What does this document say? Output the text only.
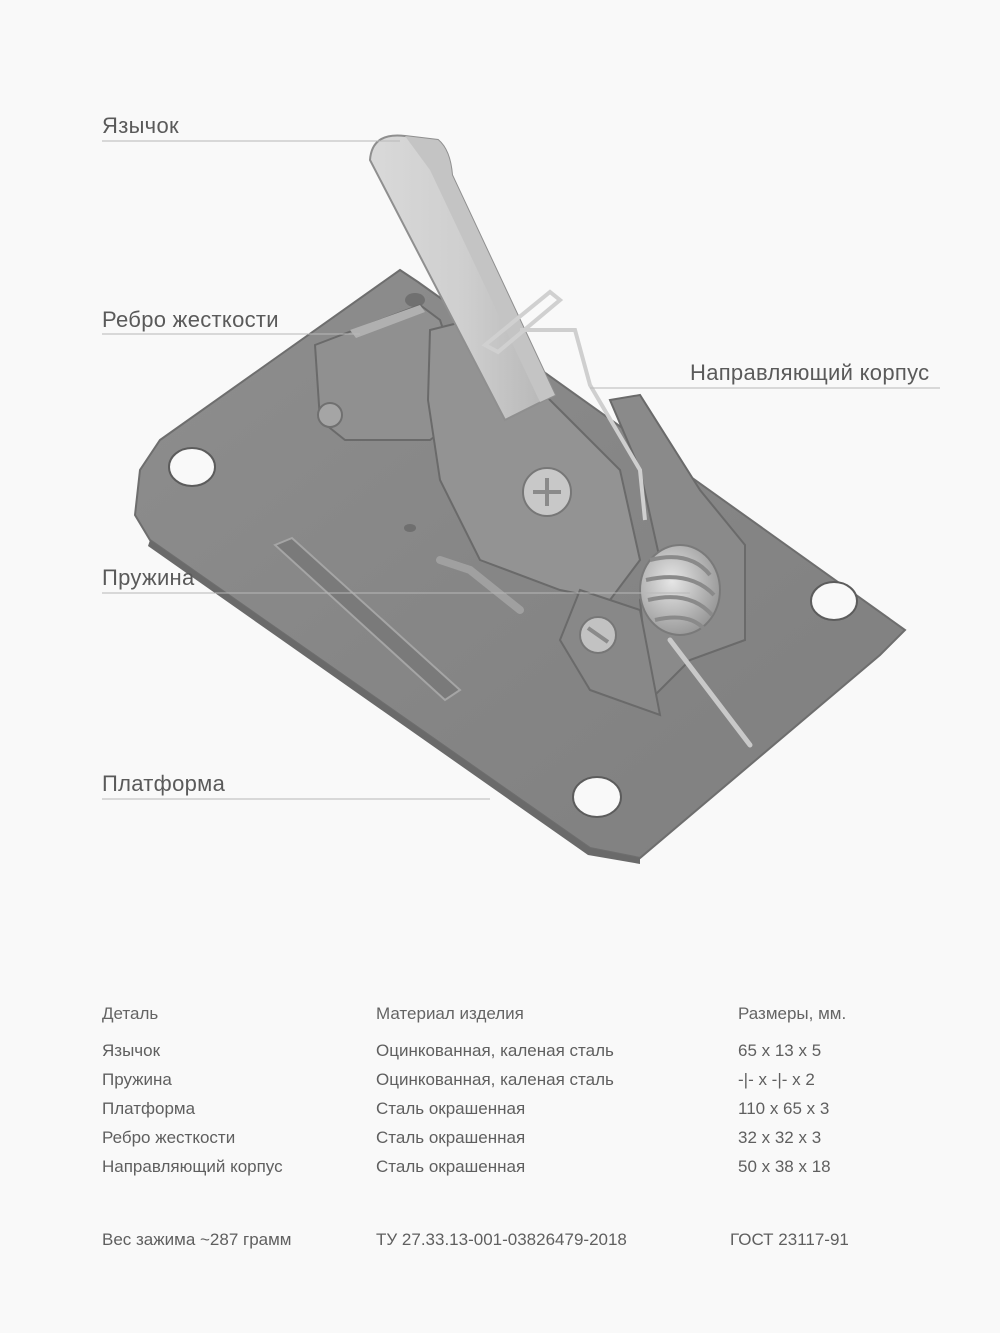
Язычок
Ребро жесткости
Направляющий корпус
Пружина
Платформа
Деталь	Материал изделия	Размеры, мм.
Язычок	Оцинкованная, каленая сталь	65 x 13 x 5
Пружина	Оцинкованная, каленая сталь	-|- x -|- x 2
Платформа	Сталь окрашенная	110 x 65 x 3
Ребро жесткости	Сталь окрашенная	32 x 32 x 3
Направляющий корпус	Сталь окрашенная	50 x 38 x 18
Вес зажима ~287 грамм	ТУ 27.33.13-001-03826479-2018	ГОСТ 23117-91
